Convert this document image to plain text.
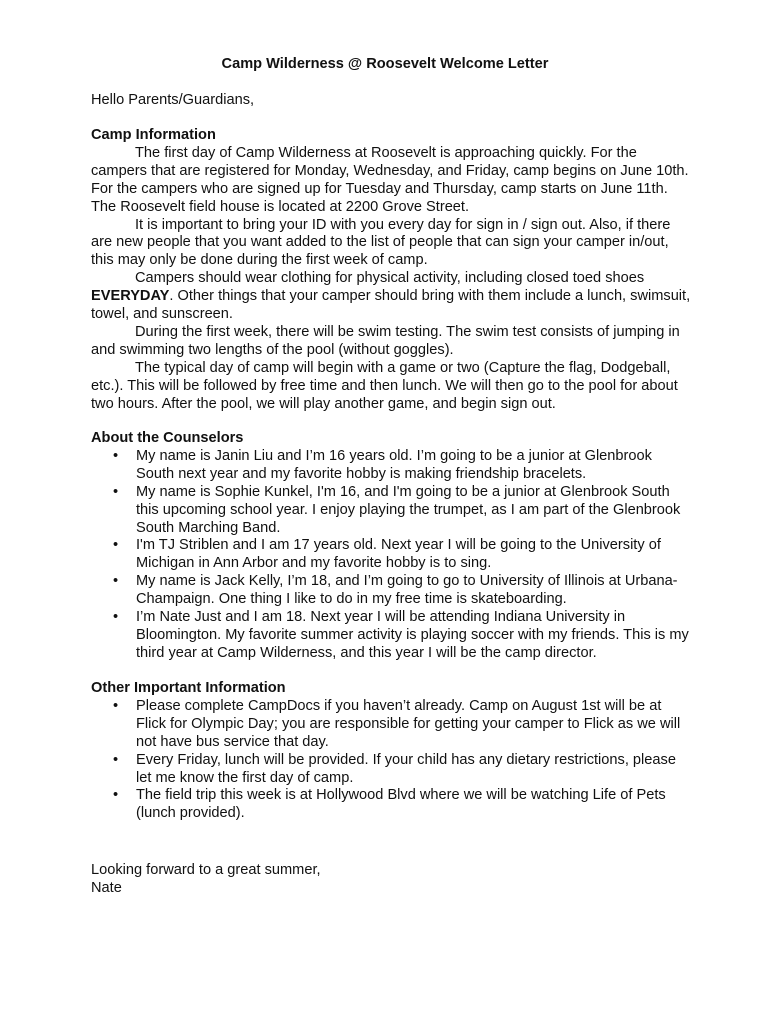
Camp Wilderness @ Roosevelt Welcome Letter
Hello Parents/Guardians,
Camp Information

The first day of Camp Wilderness at Roosevelt is approaching quickly. For the campers that are registered for Monday, Wednesday, and Friday, camp begins on June 10th. For the campers who are signed up for Tuesday and Thursday, camp starts on June 11th. The Roosevelt field house is located at 2200 Grove Street.

It is important to bring your ID with you every day for sign in / sign out. Also, if there are new people that you want added to the list of people that can sign your camper in/out, this may only be done during the first week of camp.

Campers should wear clothing for physical activity, including closed toed shoes EVERYDAY. Other things that your camper should bring with them include a lunch, swimsuit, towel, and sunscreen.

During the first week, there will be swim testing. The swim test consists of jumping in and swimming two lengths of the pool (without goggles).

The typical day of camp will begin with a game or two (Capture the flag, Dodgeball, etc.). This will be followed by free time and then lunch. We will then go to the pool for about two hours. After the pool, we will play another game, and begin sign out.

About the Counselors
• My name is Janin Liu and I’m 16 years old. I’m going to be a junior at Glenbrook South next year and my favorite hobby is making friendship bracelets.
• My name is Sophie Kunkel, I'm 16, and I'm going to be a junior at Glenbrook South this upcoming school year. I enjoy playing the trumpet, as I am part of the Glenbrook South Marching Band.
• I'm TJ Striblen and I am 17 years old. Next year I will be going to the University of Michigan in Ann Arbor and my favorite hobby is to sing.
• My name is Jack Kelly, I’m 18, and I’m going to go to University of Illinois at Urbana-Champaign. One thing I like to do in my free time is skateboarding.
• I’m Nate Just and I am 18. Next year I will be attending Indiana University in Bloomington. My favorite summer activity is playing soccer with my friends. This is my third year at Camp Wilderness, and this year I will be the camp director.
Other Important Information
• Please complete CampDocs if you haven’t already. Camp on August 1st will be at Flick for Olympic Day; you are responsible for getting your camper to Flick as we will not have bus service that day.
• Every Friday, lunch will be provided. If your child has any dietary restrictions, please let me know the first day of camp.
• The field trip this week is at Hollywood Blvd where we will be watching Life of Pets (lunch provided).
Looking forward to a great summer,
Nate
